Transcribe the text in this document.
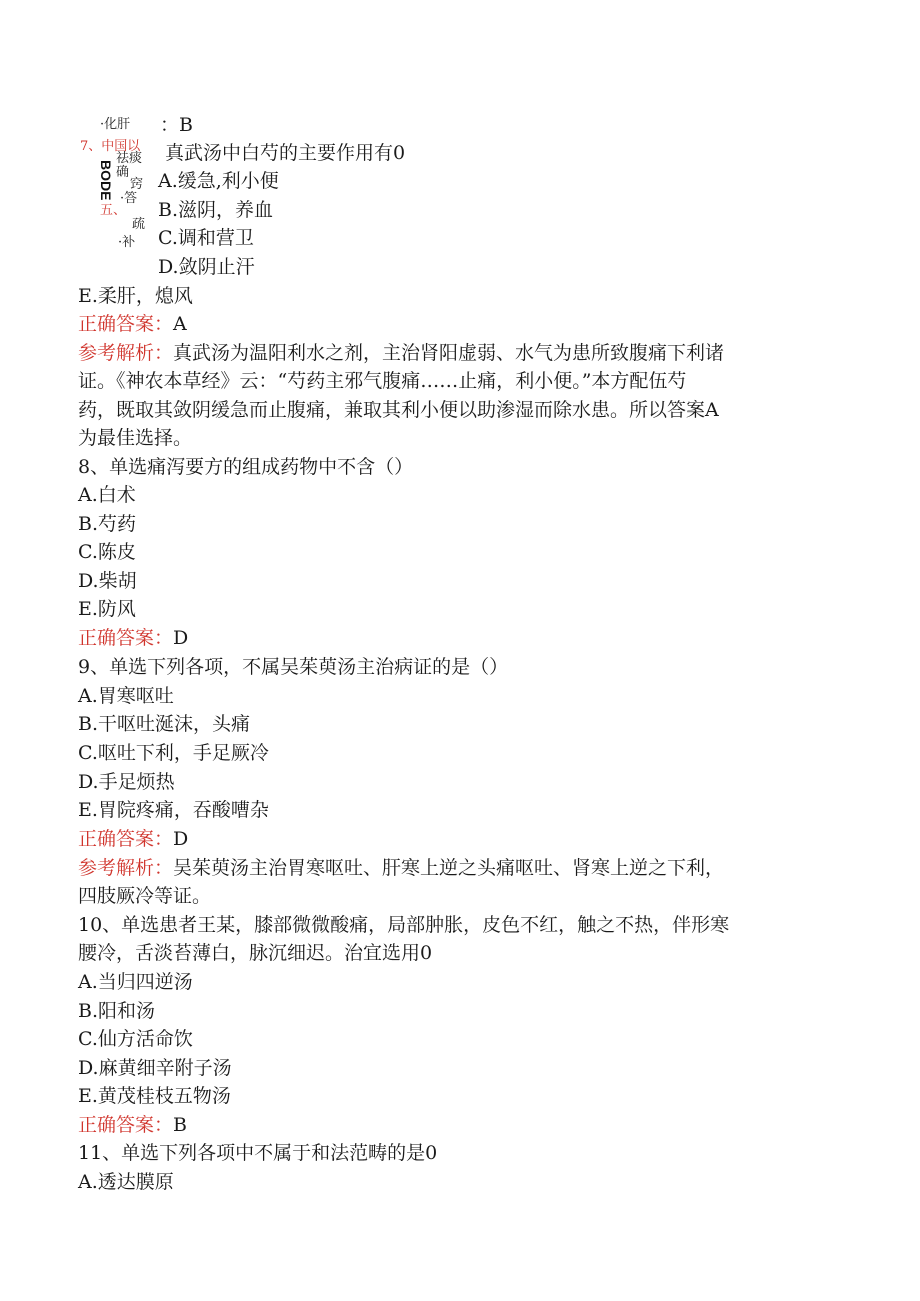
·化肝 ：B
7、中国以
祛痰
确
窍
·答
五、
疏
·补
BODE
真武汤中白芍的主要作用有0
A.缓急,利小便
B.滋阴，养血
C.调和营卫
D.敛阴止汗
E.柔肝，熄风
正确答案：A
参考解析：真武汤为温阳利水之剂，主治肾阳虚弱、水气为患所致腹痛下利诸
证。《神农本草经》云：“芍药主邪气腹痛……止痛，利小便。”本方配伍芍
药，既取其敛阴缓急而止腹痛，兼取其利小便以助渗湿而除水患。所以答案A
为最佳选择。
8、单选痛泻要方的组成药物中不含（）
A.白术
B.芍药
C.陈皮
D.柴胡
E.防风
正确答案：D
9、单选下列各项，不属吴茱萸汤主治病证的是（）
A.胃寒呕吐
B.干呕吐涎沫，头痛
C.呕吐下利，手足厥冷
D.手足烦热
E.胃院疼痛，吞酸嘈杂
正确答案：D
参考解析：吴茱萸汤主治胃寒呕吐、肝寒上逆之头痛呕吐、肾寒上逆之下利，
四肢厥冷等证。
10、单选患者王某，膝部微微酸痛，局部肿胀，皮色不红，触之不热，伴形寒
腰冷，舌淡苔薄白，脉沉细迟。治宜选用0
A.当归四逆汤
B.阳和汤
C.仙方活命饮
D.麻黄细辛附子汤
E.黄茂桂枝五物汤
正确答案：B
11、单选下列各项中不属于和法范畴的是0
A.透达膜原
